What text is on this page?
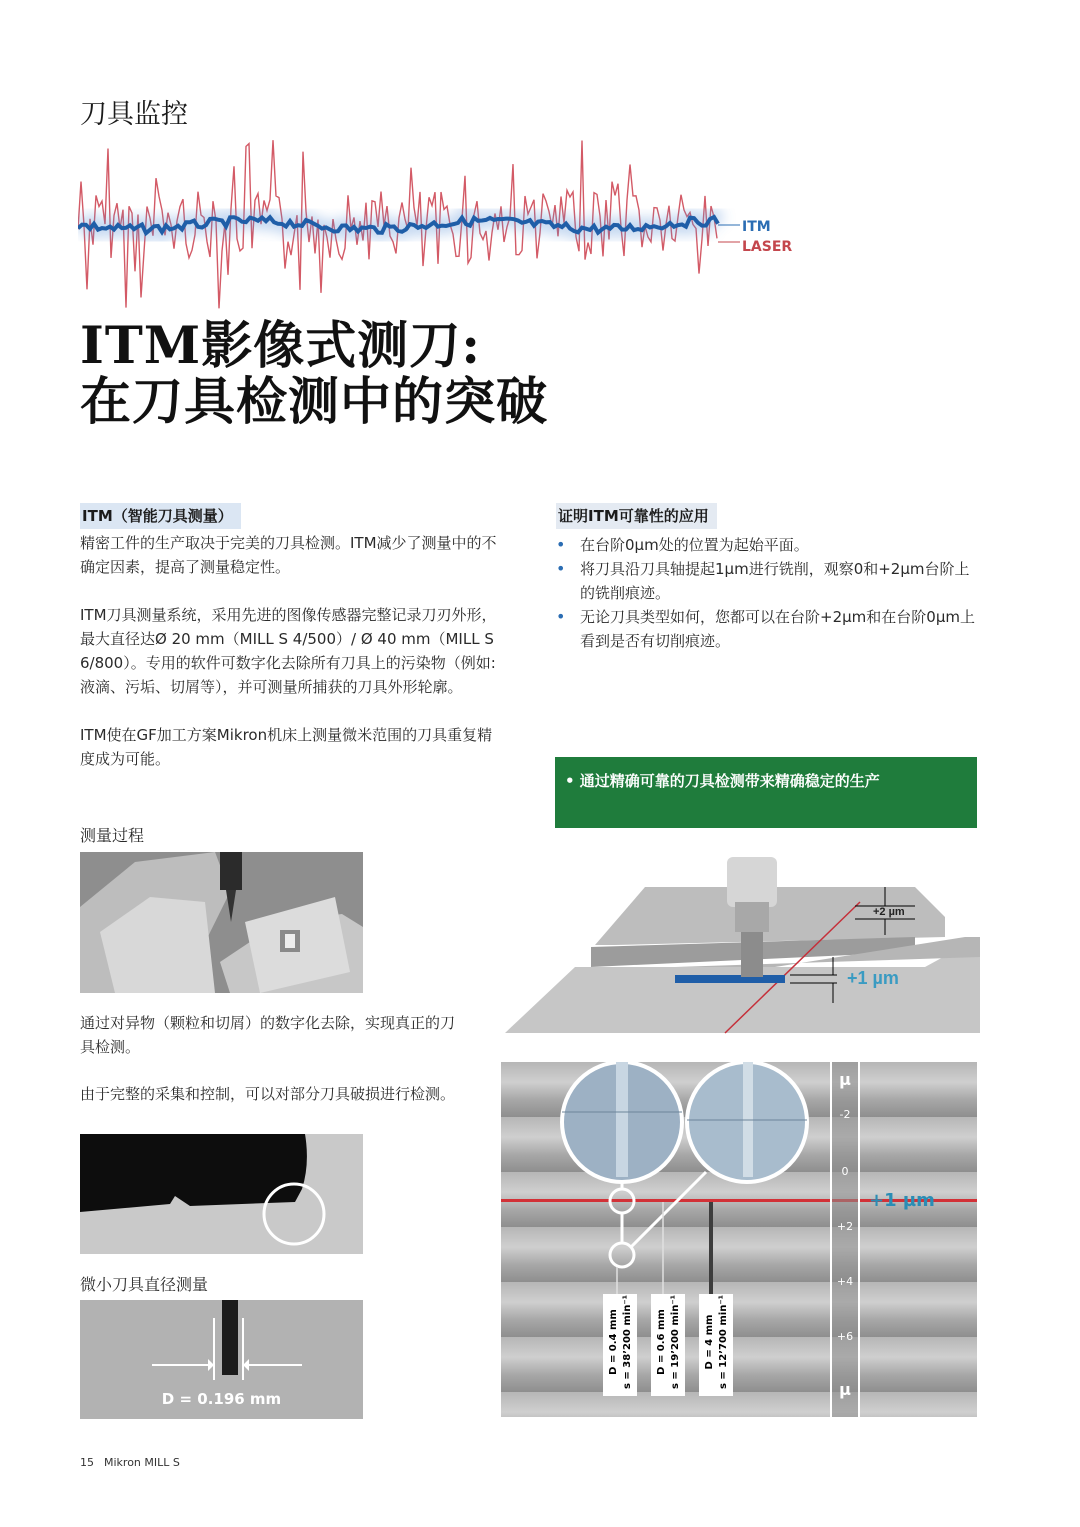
刀具监控
ITM
LASER
ITM影像式测刀:
在刀具检测中的突破
ITM（智能刀具测量）

精密工件的生产取决于完美的刀具检测。ITM减少了测量中的不确定因素，提高了测量稳定性。

ITM刀具测量系统，采用先进的图像传感器完整记录刀刃外形，最大直径达Ø 20 mm（MILL S 4/500）/ Ø 40 mm（MILL S 6/800）。专用的软件可数字化去除所有刀具上的污染物（例如: 液滴、污垢、切屑等），并可测量所捕获的刀具外形轮廓。

ITM使在GF加工方案Mikron机床上测量微米范围的刀具重复精度成为可能。

证明ITM可靠性的应用
• 在台阶0μm处的位置为起始平面。
• 将刀具沿刀具轴提起1μm进行铣削，观察0和+2μm台阶上的铣削痕迹。
• 无论刀具类型如何，您都可以在台阶+2μm和在台阶0μm上看到是否有切削痕迹。
• 通过精确可靠的刀具检测带来精确稳定的生产
测量过程
通过对异物（颗粒和切屑）的数字化去除，实现真正的刀具检测。
由于完整的采集和控制，可以对部分刀具破损进行检测。
微小刀具直径测量
D = 0.196 mm
+2 µm
+1 µm
+1 µm
µ
-2
0
+2
+4
+6
µ
D = 0.4 mm s = 38’200 min⁻¹ D = 0.6 mm s = 19’200 min⁻¹ D = 4 mm s = 12’700 min⁻¹
15 Mikron MILL S
